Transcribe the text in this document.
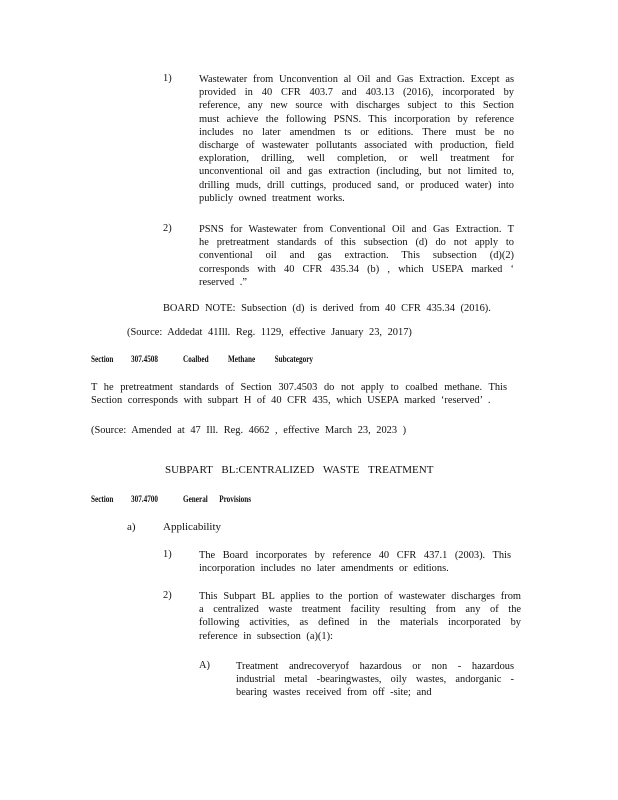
1)	Wastewater from Unconvention al Oil and Gas Extraction. Except as provided in 40 CFR 403.7 and 403.13 (2016), incorporated by reference, any new source with discharges subject to this Section must achieve the following PSNS. This incorporation by reference includes no later amendmen ts or editions. There must be no discharge of wastewater pollutants associated with production, field exploration, drilling, well completion, or well treatment for unconventional oil and gas extraction (including, but not limited to, drilling muds, drill cuttings, produced sand, or produced water) into publicly owned treatment works.
2)	PSNS for Wastewater from Conventional Oil and Gas Extraction. T he pretreatment standards of this subsection (d) do not apply to conventional oil and gas extraction. This subsection (d)(2) corresponds with 40 CFR 435.34 (b) , which USEPA marked ‘ reserved .”
BOARD NOTE: Subsection (d) is derived from 40 CFR 435.34 (2016).
(Source: Addedat 41Ill. Reg. 1129, effective January 23, 2017)
Section 307.4508	Coalbed Methane Subcategory
T he pretreatment standards of Section 307.4503 do not apply to coalbed methane. This Section corresponds with subpart H of 40 CFR 435, which USEPA marked ‘reserved’ .
(Source: Amended at 47 Ill. Reg. 4662 , effective March 23, 2023 )
SUBPART BL:CENTRALIZED WASTE TREATMENT
Section 307.4700	General Provisions
a) Applicability
1)	The Board incorporates by reference 40 CFR 437.1 (2003). This incorporation includes no later amendments or editions.
2)	This Subpart BL applies to the portion of wastewater discharges from a centralized waste treatment facility resulting from any of the following activities, as defined in the materials incorporated by reference in subsection (a)(1):
A)	Treatment andrecoveryof hazardous or non - hazardous industrial metal -bearingwastes, oily wastes, andorganic - bearing wastes received from off -site; and
